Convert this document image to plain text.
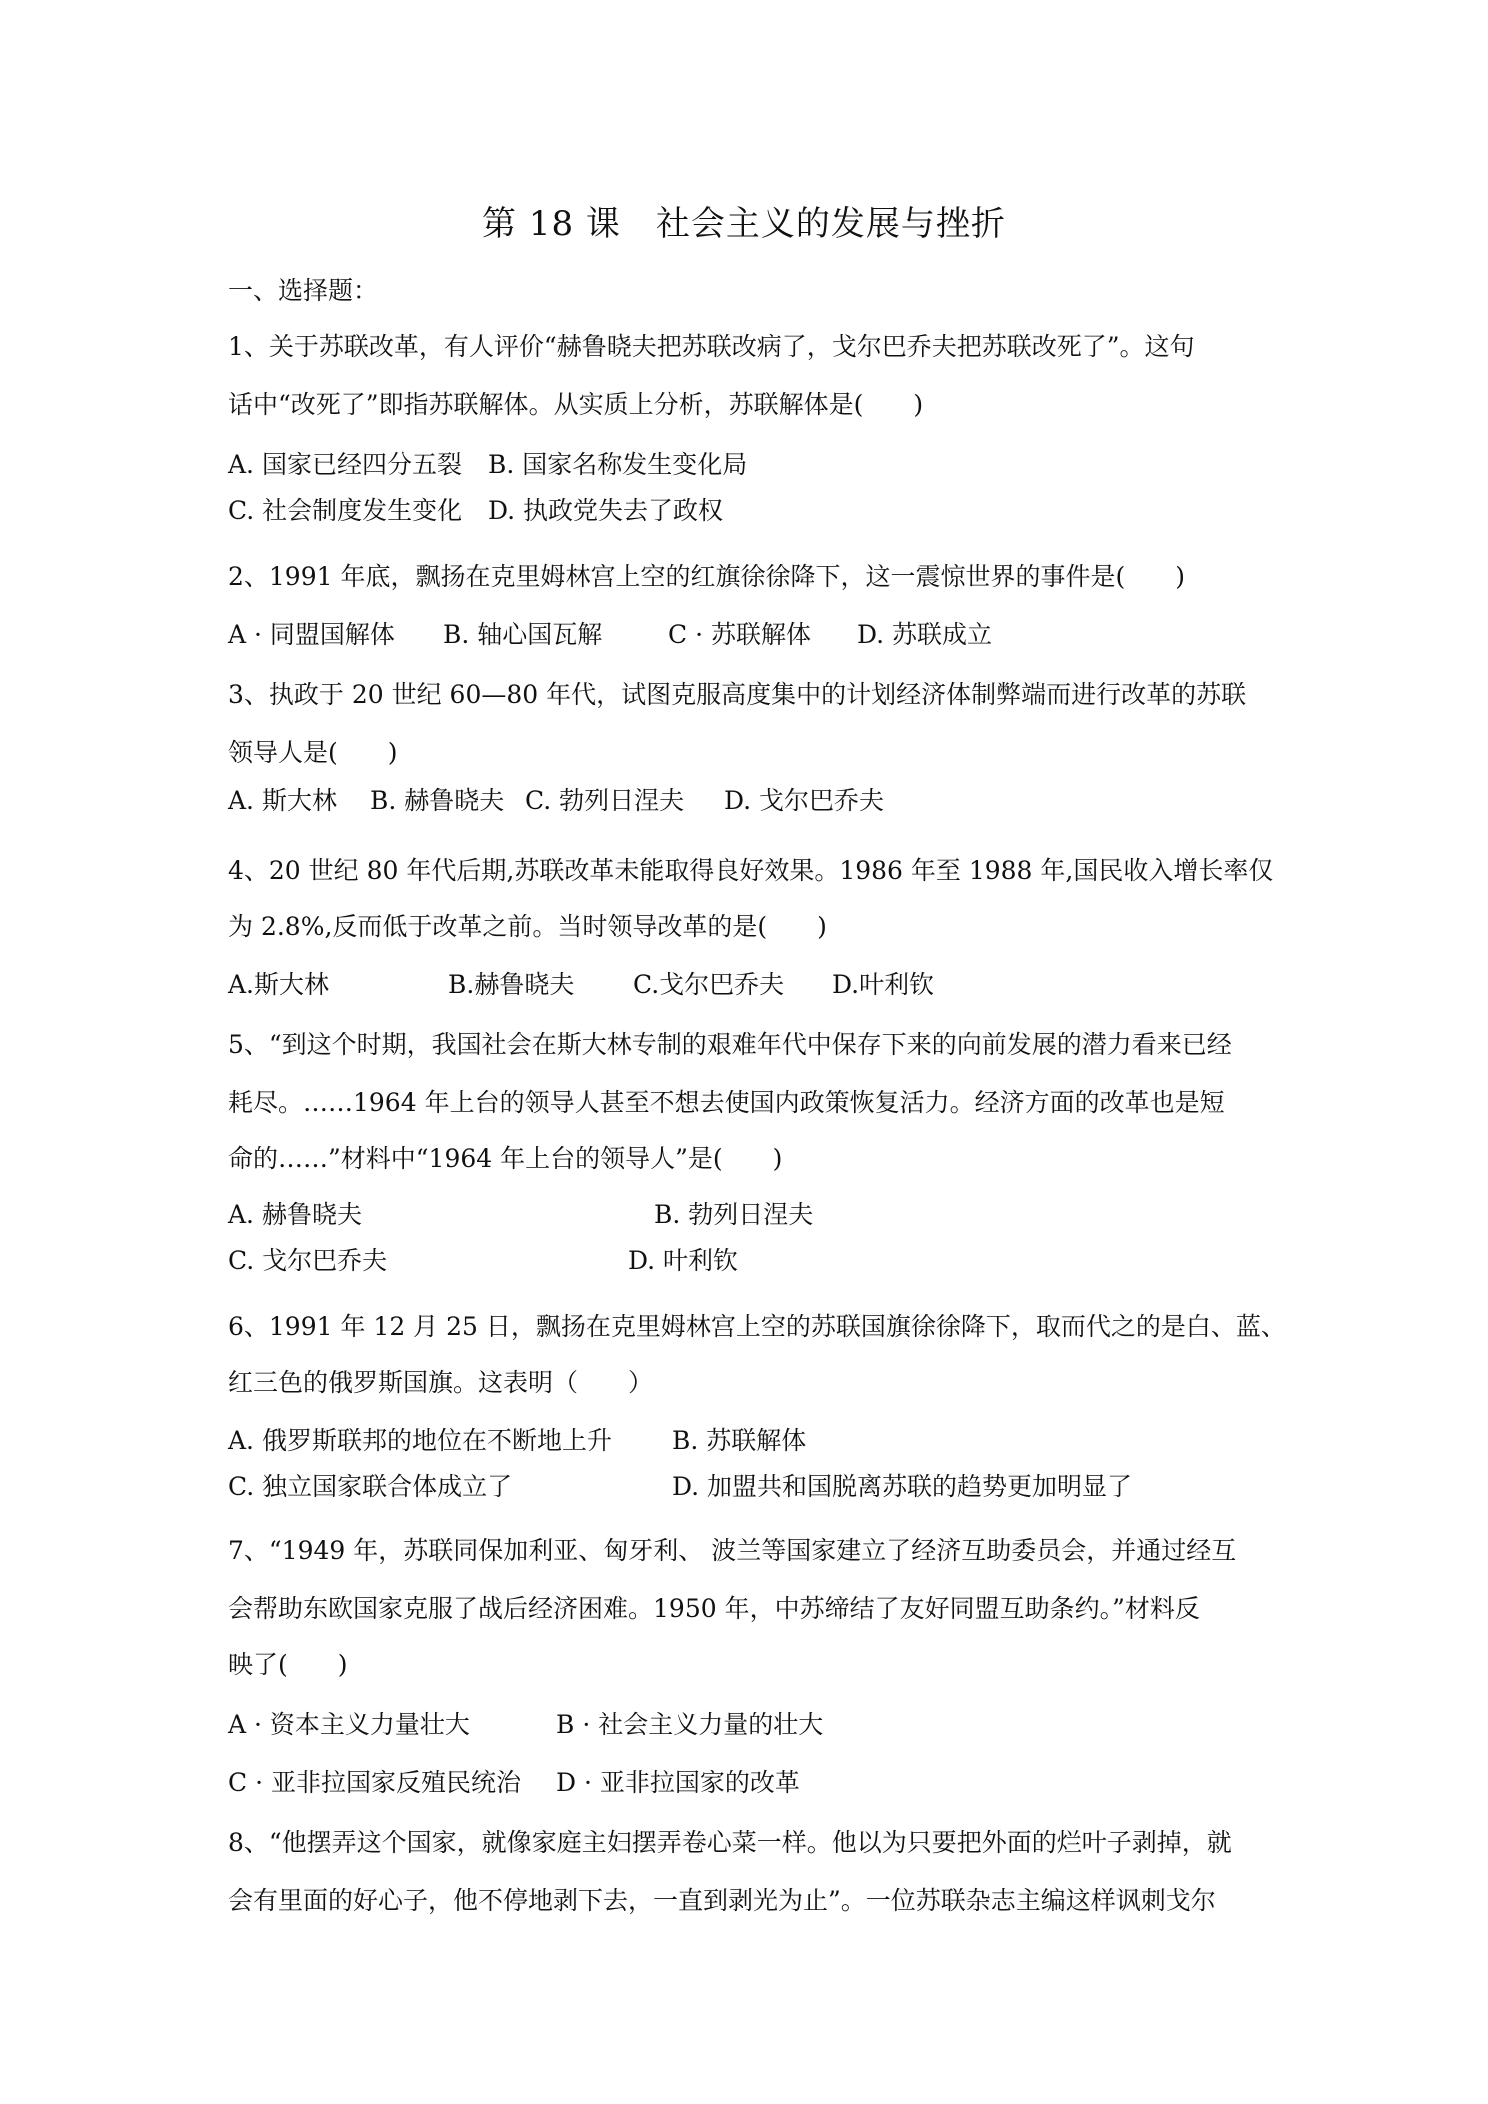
第 18 课　社会主义的发展与挫折
一、选择题：
1、关于苏联改革，有人评价“赫鲁晓夫把苏联改病了，戈尔巴乔夫把苏联改死了”。这句
话中“改死了”即指苏联解体。从实质上分析，苏联解体是(　　)
A. 国家已经四分五裂 B. 国家名称发生变化局
C. 社会制度发生变化 D. 执政党失去了政权
2、1991 年底，飘扬在克里姆林宫上空的红旗徐徐降下，这一震惊世界的事件是(　　)
A · 同盟国解体 B. 轴心国瓦解	C · 苏联解体 D. 苏联成立
3、执政于 20 世纪 60—80 年代，试图克服高度集中的计划经济体制弊端而进行改革的苏联
领导人是(　　)
A. 斯大林 B. 赫鲁晓夫 C. 勃列日涅夫 D. 戈尔巴乔夫
4、20 世纪 80 年代后期,苏联改革未能取得良好效果。1986 年至 1988 年,国民收入增长率仅
为 2.8%,反而低于改革之前。当时领导改革的是(　　)
A.斯大林	B.赫鲁晓夫 C.戈尔巴乔夫 D.叶利钦
5、“到这个时期，我国社会在斯大林专制的艰难年代中保存下来的向前发展的潜力看来已经
耗尽。……1964 年上台的领导人甚至不想去使国内政策恢复活力。经济方面的改革也是短
命的……”材料中“1964 年上台的领导人”是(　　)
A. 赫鲁晓夫	B. 勃列日涅夫
C. 戈尔巴乔夫	D. 叶利钦
6、1991 年 12 月 25 日，飘扬在克里姆林宫上空的苏联国旗徐徐降下，取而代之的是白、蓝、
红三色的俄罗斯国旗。这表明（　　）
A. 俄罗斯联邦的地位在不断地上升 B. 苏联解体
C. 独立国家联合体成立了	D. 加盟共和国脱离苏联的趋势更加明显了
7、“1949 年，苏联同保加利亚、匈牙利、 波兰等国家建立了经济互助委员会，并通过经互
会帮助东欧国家克服了战后经济困难。1950 年，中苏缔结了友好同盟互助条约。”材料反
映了(　　)
A · 资本主义力量壮大	B · 社会主义力量的壮大
C · 亚非拉国家反殖民统治 D · 亚非拉国家的改革
8、“他摆弄这个国家，就像家庭主妇摆弄卷心菜一样。他以为只要把外面的烂叶子剥掉，就
会有里面的好心子，他不停地剥下去，一直到剥光为止”。一位苏联杂志主编这样讽刺戈尔
